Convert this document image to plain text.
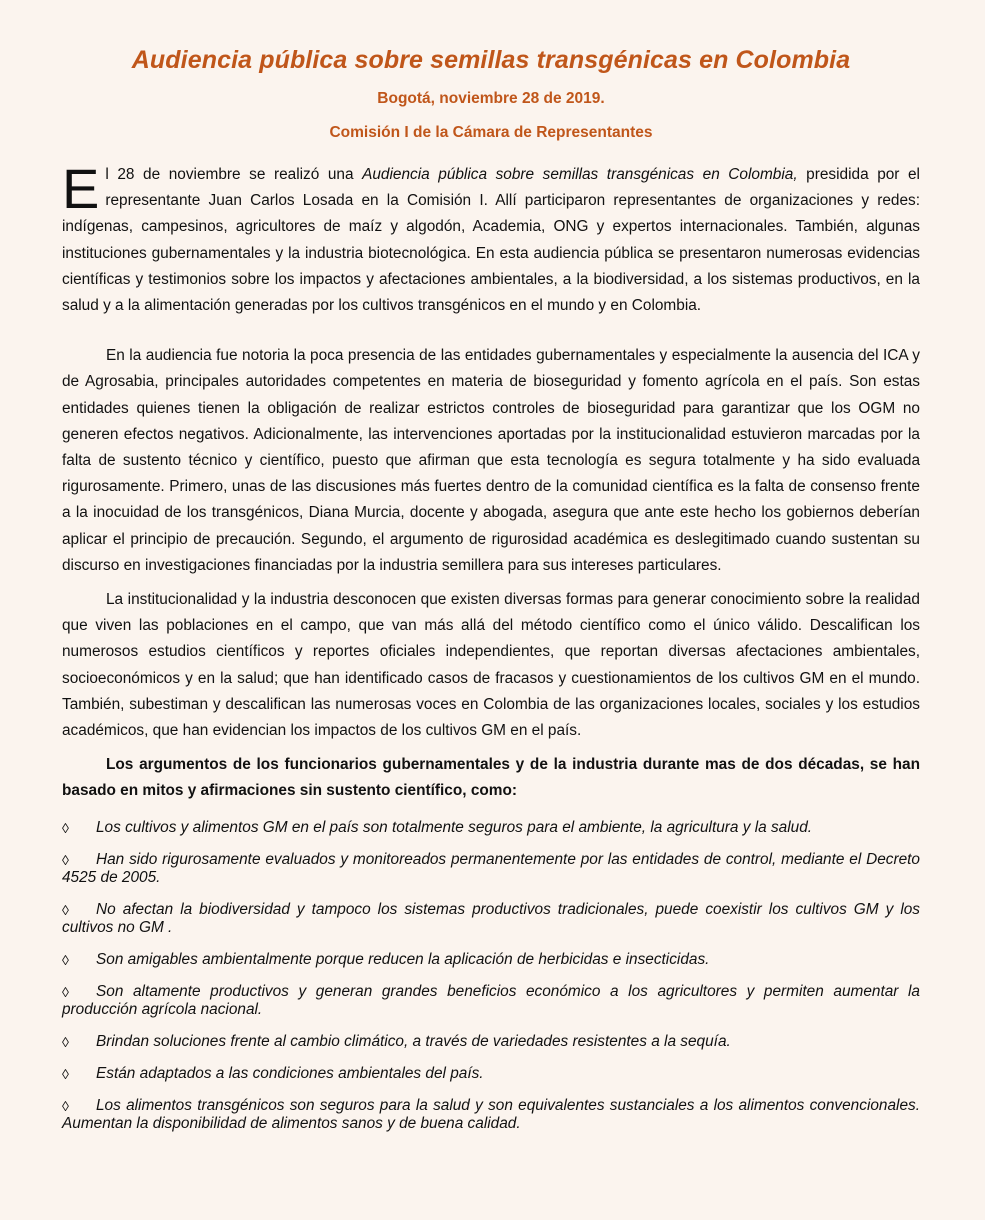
Audiencia pública sobre semillas transgénicas en Colombia

Bogotá, noviembre 28 de 2019.

Comisión I de la Cámara de Representantes

El 28 de noviembre se realizó una Audiencia pública sobre semillas transgénicas en Colombia, presidida por el representante Juan Carlos Losada en la Comisión I. Allí participaron representantes de organizaciones y redes: indígenas, campesinos, agricultores de maíz y algodón, Academia, ONG y expertos internacionales. También, algunas instituciones gubernamentales y la industria biotecnológica. En esta audiencia pública se presentaron numerosas evidencias científicas y testimonios sobre los impactos y afectaciones ambientales, a la biodiversidad, a los sistemas productivos, en la salud y a la alimentación generadas por los cultivos transgénicos en el mundo y en Colombia.

En la audiencia fue notoria la poca presencia de las entidades gubernamentales y especialmente la ausencia del ICA y de Agrosabia, principales autoridades competentes en materia de bioseguridad y fomento agrícola en el país. Son estas entidades quienes tienen la obligación de realizar estrictos controles de bioseguridad para garantizar que los OGM no generen efectos negativos. Adicionalmente, las intervenciones aportadas por la institucionalidad estuvieron marcadas por la falta de sustento técnico y científico, puesto que afirman que esta tecnología es segura totalmente y ha sido evaluada rigurosamente. Primero, unas de las discusiones más fuertes dentro de la comunidad científica es la falta de consenso frente a la inocuidad de los transgénicos, Diana Murcia, docente y abogada, asegura que ante este hecho los gobiernos deberían aplicar el principio de precaución. Segundo, el argumento de rigurosidad académica es deslegitimado cuando sustentan su discurso en investigaciones financiadas por la industria semillera para sus intereses particulares.

La institucionalidad y la industria desconocen que existen diversas formas para generar conocimiento sobre la realidad que viven las poblaciones en el campo, que van más allá del método científico como el único válido. Descalifican los numerosos estudios científicos y reportes oficiales independientes, que reportan diversas afectaciones ambientales, socioeconómicos y en la salud; que han identificado casos de fracasos y cuestionamientos de los cultivos GM en el mundo. También, subestiman y descalifican las numerosas voces en Colombia de las organizaciones locales, sociales y los estudios académicos, que han evidencian los impactos de los cultivos GM en el país.

Los argumentos de los funcionarios gubernamentales y de la industria durante mas de dos décadas, se han basado en mitos y afirmaciones sin sustento científico, como:

◊ Los cultivos y alimentos GM en el país son totalmente seguros para el ambiente, la agricultura y la salud.
◊ Han sido rigurosamente evaluados y monitoreados permanentemente por las entidades de control, mediante el Decreto 4525 de 2005.
◊ No afectan la biodiversidad y tampoco los sistemas productivos tradicionales, puede coexistir los cultivos GM y los cultivos no GM .
◊ Son amigables ambientalmente porque reducen la aplicación de herbicidas e insecticidas.
◊ Son altamente productivos y generan grandes beneficios económico a los agricultores y permiten aumentar la producción agrícola nacional.
◊ Brindan soluciones frente al cambio climático, a través de variedades resistentes a la sequía.
◊ Están adaptados a las condiciones ambientales del país.
◊ Los alimentos transgénicos son seguros para la salud y son equivalentes sustanciales a los alimentos convencionales. Aumentan la disponibilidad de alimentos sanos y de buena calidad.
